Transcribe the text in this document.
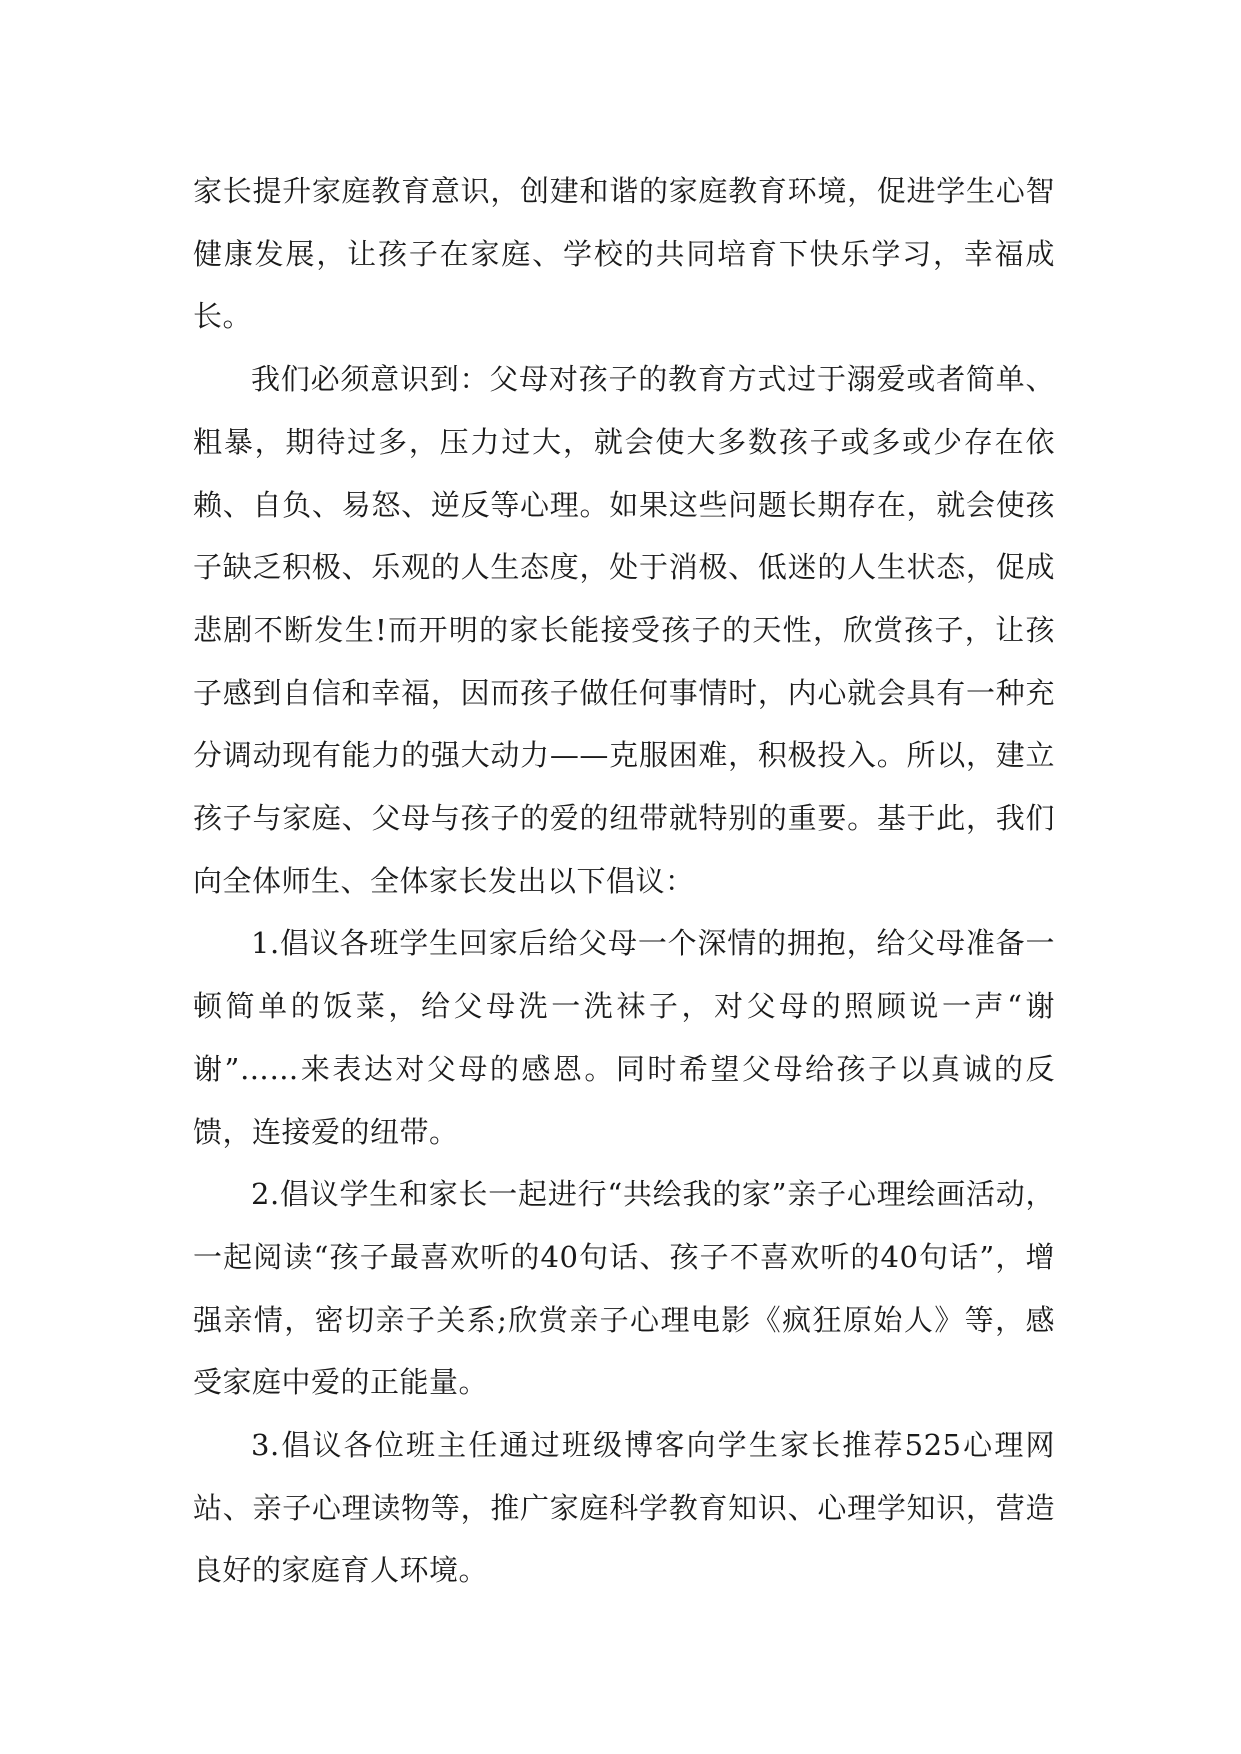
家长提升家庭教育意识，创建和谐的家庭教育环境，促进学生心智健康发展，让孩子在家庭、学校的共同培育下快乐学习，幸福成长。

我们必须意识到：父母对孩子的教育方式过于溺爱或者简单、粗暴，期待过多，压力过大，就会使大多数孩子或多或少存在依赖、自负、易怒、逆反等心理。如果这些问题长期存在，就会使孩子缺乏积极、乐观的人生态度，处于消极、低迷的人生状态，促成悲剧不断发生!而开明的家长能接受孩子的天性，欣赏孩子，让孩子感到自信和幸福，因而孩子做任何事情时，内心就会具有一种充分调动现有能力的强大动力——克服困难，积极投入。所以，建立孩子与家庭、父母与孩子的爱的纽带就特别的重要。基于此，我们向全体师生、全体家长发出以下倡议：

1.倡议各班学生回家后给父母一个深情的拥抱，给父母准备一顿简单的饭菜，给父母洗一洗袜子，对父母的照顾说一声“谢谢”……来表达对父母的感恩。同时希望父母给孩子以真诚的反馈，连接爱的纽带。

2.倡议学生和家长一起进行“共绘我的家”亲子心理绘画活动，一起阅读“孩子最喜欢听的40句话、孩子不喜欢听的40句话”，增强亲情，密切亲子关系;欣赏亲子心理电影《疯狂原始人》等，感受家庭中爱的正能量。

3.倡议各位班主任通过班级博客向学生家长推荐525心理网站、亲子心理读物等，推广家庭科学教育知识、心理学知识，营造良好的家庭育人环境。
